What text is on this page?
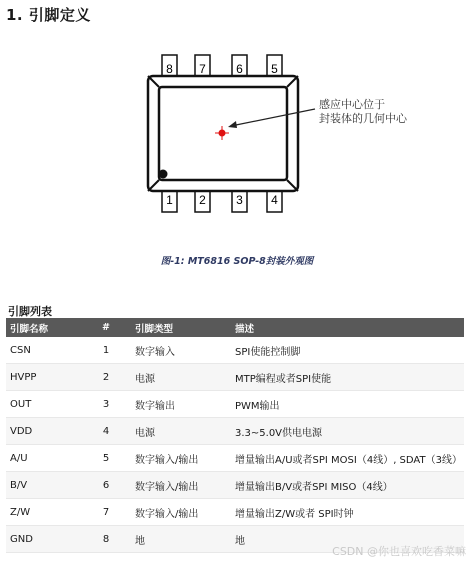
1. 引脚定义
8 7	6 5
1 2	3 4
感应中心位于
封装体的几何中心
图-1: MT6816 SOP-8封装外观图
引脚列表
引脚名称	#	引脚类型	描述
CSN	1	数字输入	SPI使能控制脚
HVPP	2	电源	MTP编程或者SPI使能
OUT	3	数字输出	PWM输出
VDD	4	电源	3.3~5.0V供电电源
A/U	5	数字输入/输出	增量输出A/U或者SPI MOSI（4线）, SDAT（3线）
B/V	6	数字输入/输出	增量输出B/V或者SPI MISO（4线）
Z/W	7	数字输入/输出	增量输出Z/W或者 SPI时钟
GND	8	地	地
CSDN @你也喜欢吃香菜嘛
